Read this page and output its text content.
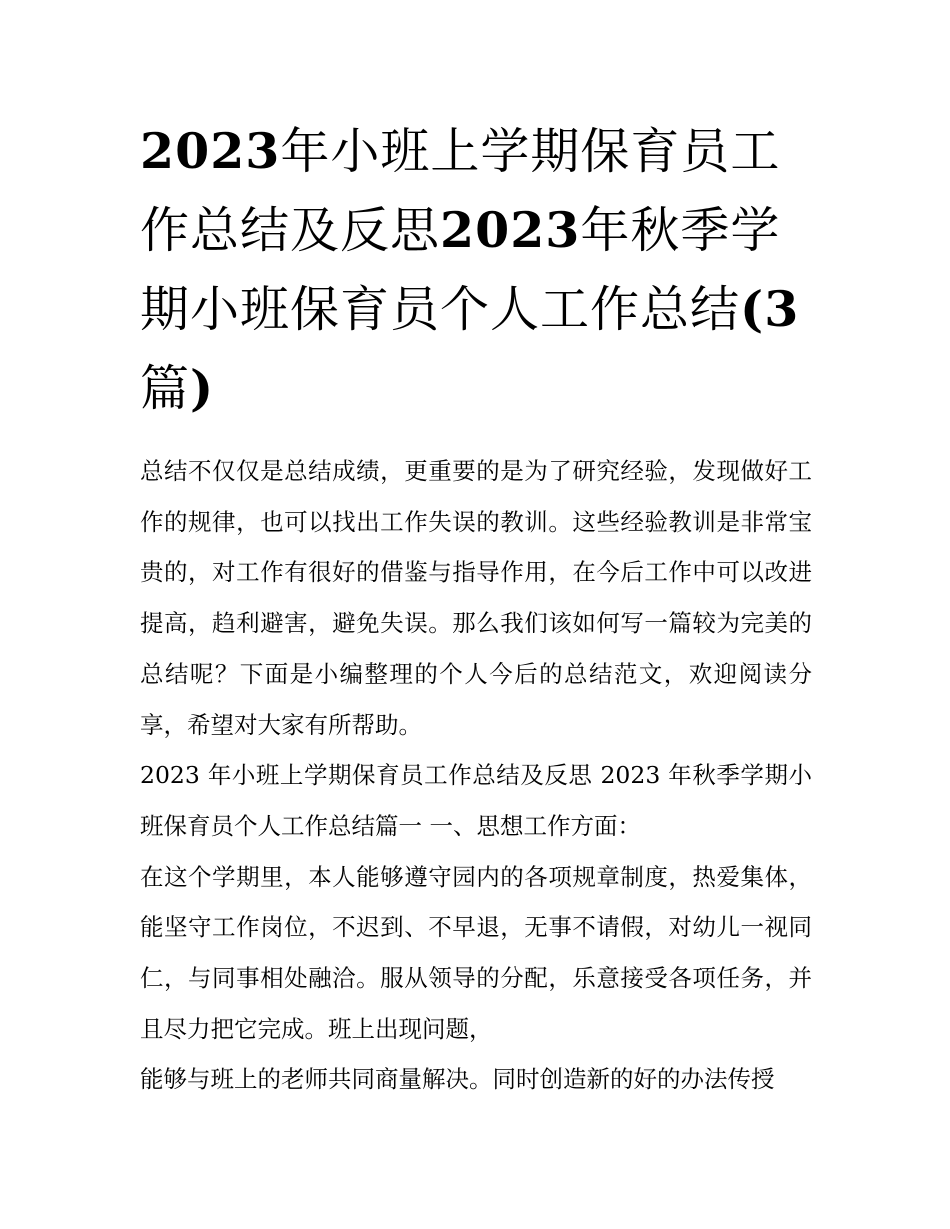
2023年小班上学期保育员工作总结及反思2023年秋季学期小班保育员个人工作总结(3
篇)

总结不仅仅是总结成绩，更重要的是为了研究经验，发现做好工作的规律，也可以找出工作失误的教训。这些经验教训是非常宝贵的，对工作有很好的借鉴与指导作用，在今后工作中可以改进提高，趋利避害，避免失误。那么我们该如何写一篇较为完美的总结呢？下面是小编整理的个人今后的总结范文，欢迎阅读分享，希望对大家有所帮助。

2023 年小班上学期保育员工作总结及反思 2023 年秋季学期小班保育员个人工作总结篇一 一、思想工作方面：

在这个学期里，本人能够遵守园内的各项规章制度，热爱集体，能坚守工作岗位，不迟到、不早退，无事不请假，对幼儿一视同仁，与同事相处融洽。服从领导的分配，乐意接受各项任务，并且尽力把它完成。班上出现问题，

能够与班上的老师共同商量解决。同时创造新的好的办法传授
